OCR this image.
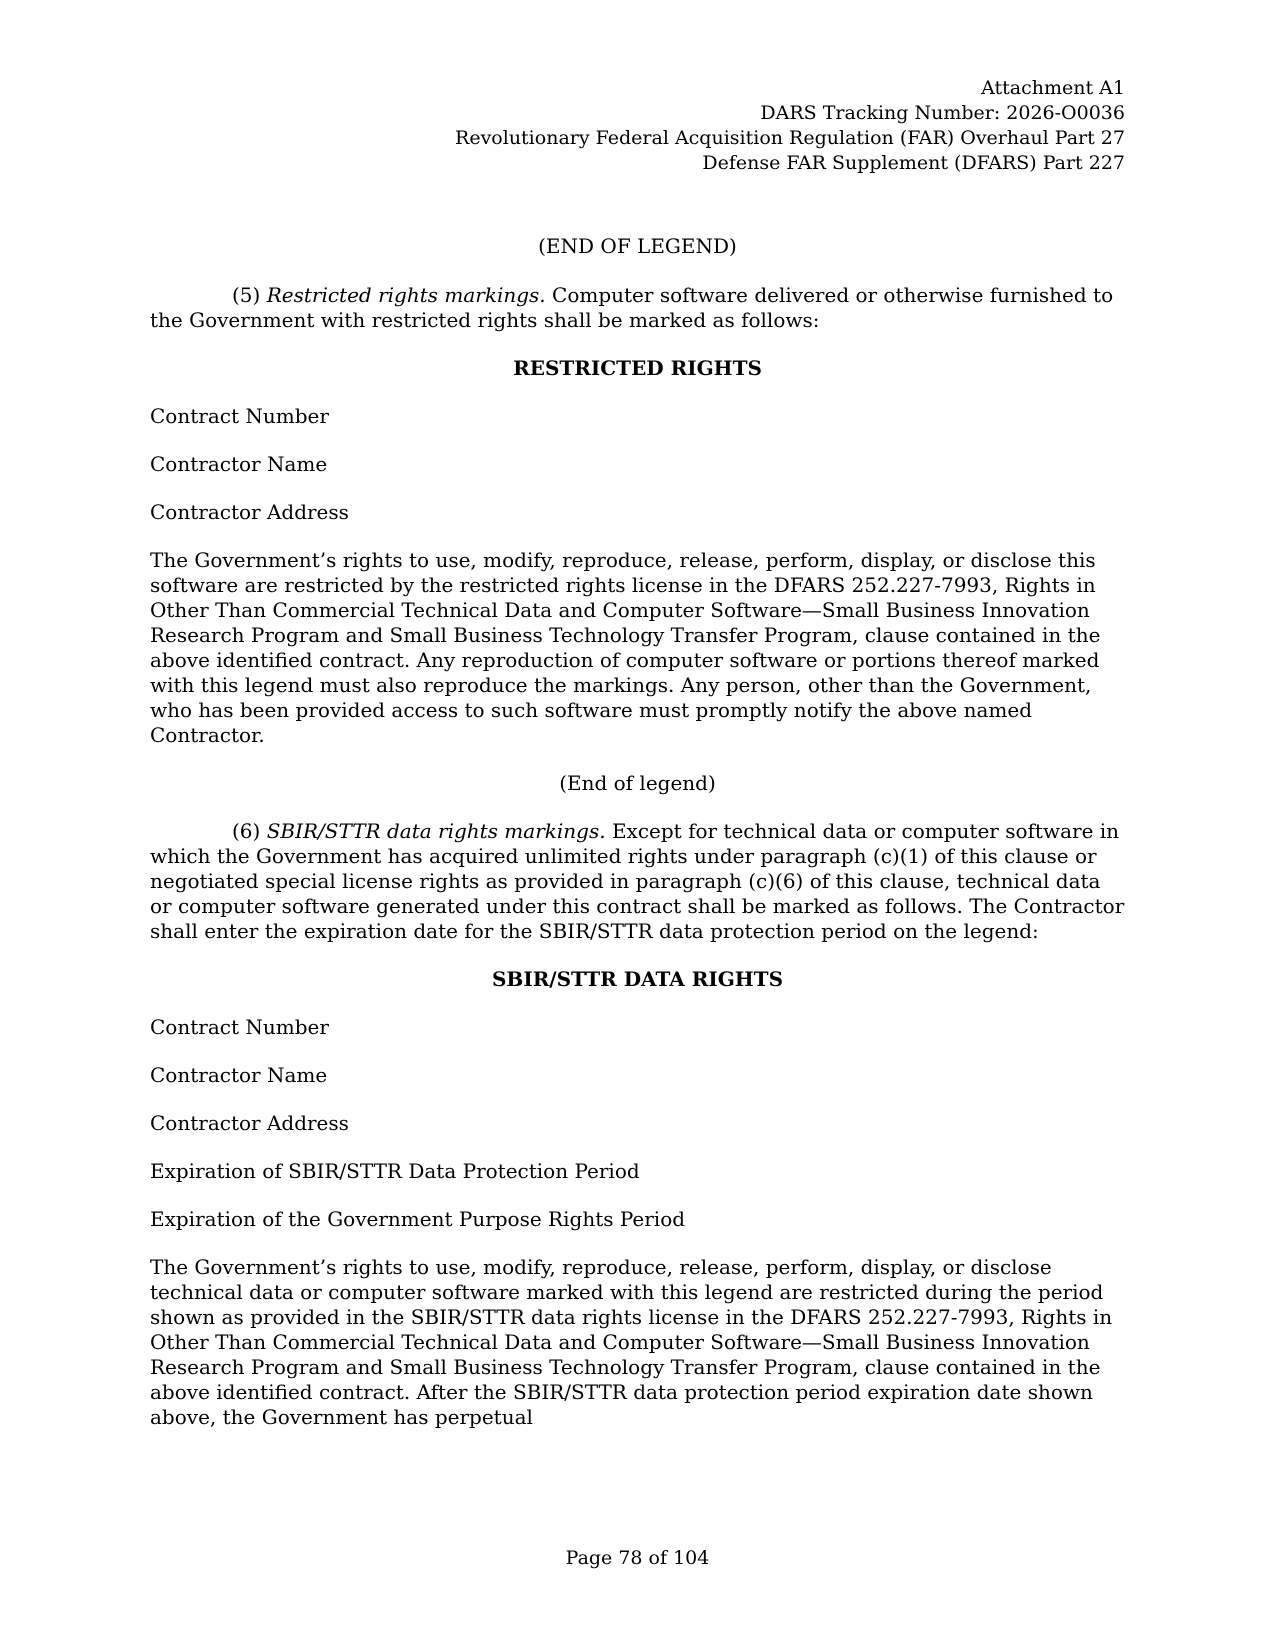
Attachment A1
DARS Tracking Number: 2026-O0036
Revolutionary Federal Acquisition Regulation (FAR) Overhaul Part 27
Defense FAR Supplement (DFARS) Part 227

(END OF LEGEND)

(5) Restricted rights markings. Computer software delivered or otherwise furnished to the Government with restricted rights shall be marked as follows:

RESTRICTED RIGHTS

Contract Number

Contractor Name

Contractor Address

The Government’s rights to use, modify, reproduce, release, perform, display, or disclose this software are restricted by the restricted rights license in the DFARS 252.227-7993, Rights in Other Than Commercial Technical Data and Computer Software—Small Business Innovation Research Program and Small Business Technology Transfer Program, clause contained in the above identified contract. Any reproduction of computer software or portions thereof marked with this legend must also reproduce the markings. Any person, other than the Government, who has been provided access to such software must promptly notify the above named Contractor.

(End of legend)

(6) SBIR/STTR data rights markings. Except for technical data or computer software in which the Government has acquired unlimited rights under paragraph (c)(1) of this clause or negotiated special license rights as provided in paragraph (c)(6) of this clause, technical data or computer software generated under this contract shall be marked as follows. The Contractor shall enter the expiration date for the SBIR/STTR data protection period on the legend:

SBIR/STTR DATA RIGHTS

Contract Number

Contractor Name

Contractor Address

Expiration of SBIR/STTR Data Protection Period

Expiration of the Government Purpose Rights Period

The Government’s rights to use, modify, reproduce, release, perform, display, or disclose technical data or computer software marked with this legend are restricted during the period shown as provided in the SBIR/STTR data rights license in the DFARS 252.227-7993, Rights in Other Than Commercial Technical Data and Computer Software—Small Business Innovation Research Program and Small Business Technology Transfer Program, clause contained in the above identified contract. After the SBIR/STTR data protection period expiration date shown above, the Government has perpetual

Page 78 of 104
